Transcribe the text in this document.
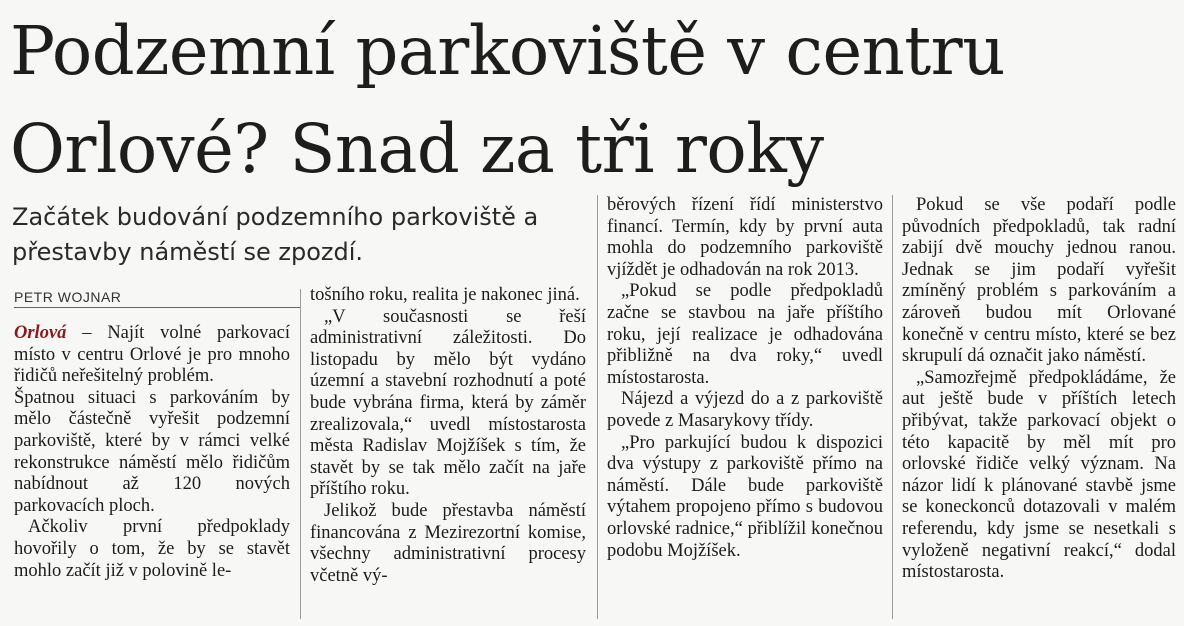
Podzemní parkoviště v centru Orlové? Snad za tři roky
Začátek budování podzemního parkoviště a přestavby náměstí se zpozdí.
PETR WOJNAR

Orlová – Najít volné parkovací místo v centru Orlové je pro mnoho řidičů neřešitelný problém.

Špatnou situaci s parkováním by mělo částečně vyřešit podzemní parkoviště, které by v rámci velké rekonstrukce náměstí mělo řidičům nabídnout až 120 nových parkovacích ploch.

Ačkoliv první předpoklady hovořily o tom, že by se stavět mohlo začít již v polovině le-

tošního roku, realita je nakonec jiná.

„V současnosti se řeší administrativní záležitosti. Do listopadu by mělo být vydáno územní a stavební rozhodnutí a poté bude vybrána firma, která by záměr zrealizovala,“ uvedl místostarosta města Radislav Mojžíšek s tím, že stavět by se tak mělo začít na jaře příštího roku.

Jelikož bude přestavba náměstí financována z Mezirezortní komise, všechny administrativní procesy včetně vý-

běrových řízení řídí ministerstvo financí. Termín, kdy by první auta mohla do podzemního parkoviště vjíždět je odhadován na rok 2013.

„Pokud se podle předpokladů začne se stavbou na jaře příštího roku, její realizace je odhadována přibližně na dva roky,“ uvedl místostarosta.

Nájezd a výjezd do a z parkoviště povede z Masarykovy třídy.

„Pro parkující budou k dispozici dva výstupy z parkoviště přímo na náměstí. Dále bude parkoviště výtahem propojeno přímo s budovou orlovské radnice,“ přiblížil konečnou podobu Mojžíšek.

Pokud se vše podaří podle původních předpokladů, tak radní zabijí dvě mouchy jednou ranou. Jednak se jim podaří vyřešit zmíněný problém s parkováním a zároveň budou mít Orlované konečně v centru místo, které se bez skrupulí dá označit jako náměstí.

„Samozřejmě předpokládáme, že aut ještě bude v příštích letech přibývat, takže parkovací objekt o této kapacitě by měl mít pro orlovské řidiče velký význam. Na názor lidí k plánované stavbě jsme se koneckonců dotazovali v malém referendu, kdy jsme se nesetkali s vyloženě negativní reakcí,“ dodal místostarosta.
